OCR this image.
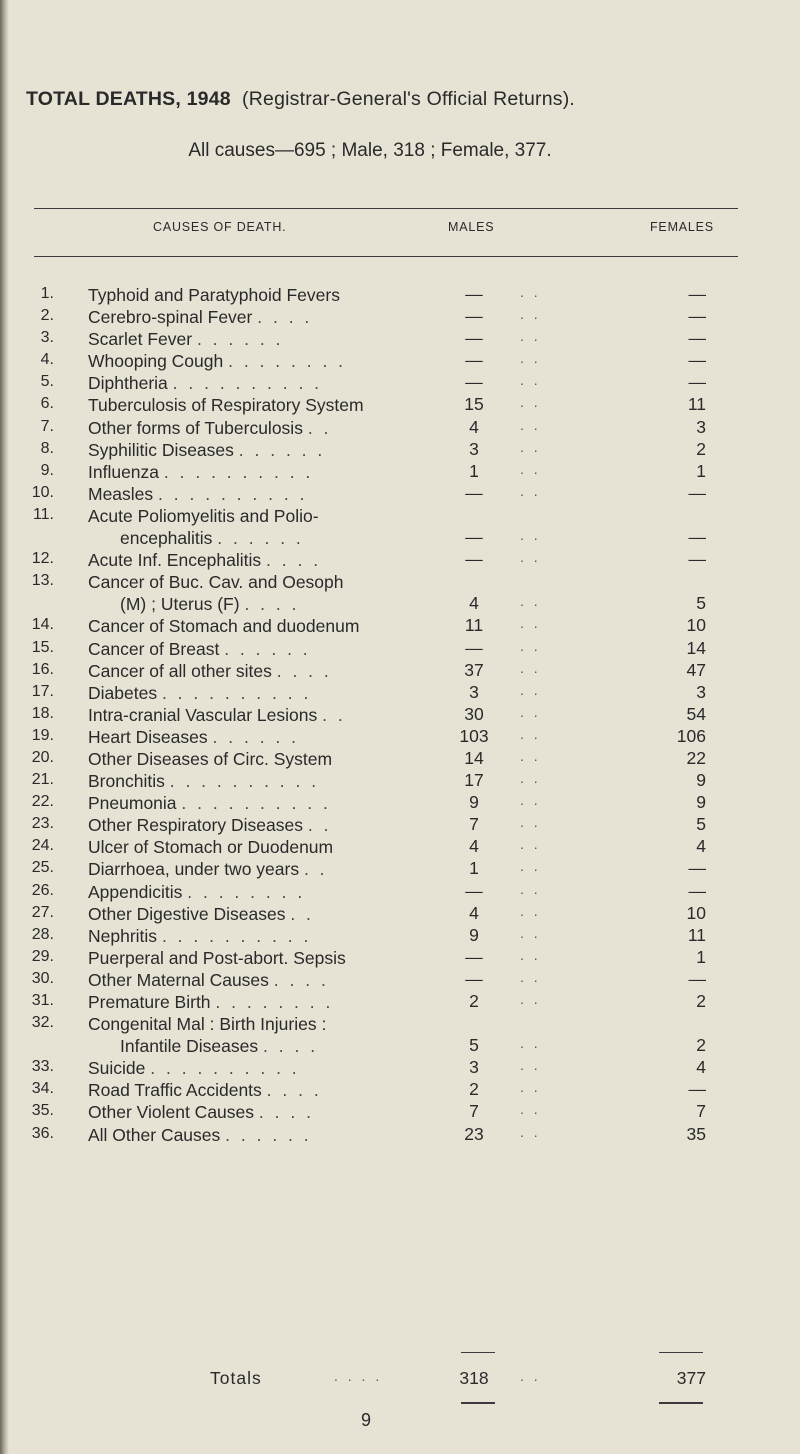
TOTAL DEATHS, 1948 (Registrar-General's Official Returns).
All causes—695 ; Male, 318 ; Female, 377.
CAUSES OF DEATH.	MALES	FEMALES
1. Typhoid and Paratyphoid Fevers	—	. .	—
2. Cerebro-spinal Fever . . . .	—	. .	—
3. Scarlet Fever . . . . . .	—	. .	—
4. Whooping Cough . . . . . . . .	—	. .	—
5. Diphtheria . . . . . . . . . .	—	. .	—
6. Tuberculosis of Respiratory System	15	. .	11
7. Other forms of Tuberculosis . .	4	. .	3
8. Syphilitic Diseases . . . . . .	3	. .	2
9. Influenza . . . . . . . . . .	1	. .	1
10. Measles . . . . . . . . . .	—	. .	—
11. Acute Poliomyelitis and Polio-
encephalitis . . . . . .	—	. .	—
12. Acute Inf. Encephalitis . . . .	—	. .	—
13. Cancer of Buc. Cav. and Oesoph
(M) ; Uterus (F) . . . .	4	. .	5
14. Cancer of Stomach and duodenum	11	. .	10
15. Cancer of Breast . . . . . .	—	. .	14
16. Cancer of all other sites . . . .	37	. .	47
17. Diabetes . . . . . . . . . .	3	. .	3
18. Intra-cranial Vascular Lesions . .	30	. .	54
19. Heart Diseases . . . . . .	103	. .	106
20. Other Diseases of Circ. System	14	. .	22
21. Bronchitis . . . . . . . . . .	17	. .	9
22. Pneumonia . . . . . . . . . .	9	. .	9
23. Other Respiratory Diseases . .	7	. .	5
24. Ulcer of Stomach or Duodenum	4	. .	4
25. Diarrhoea, under two years . .	1	. .	—
26. Appendicitis . . . . . . . .	—	. .	—
27. Other Digestive Diseases . .	4	. .	10
28. Nephritis . . . . . . . . . .	9	. .	11
29. Puerperal and Post-abort. Sepsis	—	. .	1
30. Other Maternal Causes . . . .	—	. .	—
31. Premature Birth . . . . . . . .	2	. .	2
32. Congenital Mal : Birth Injuries :
Infantile Diseases . . . .	5	. .	2
33. Suicide . . . . . . . . . .	3	. .	4
34. Road Traffic Accidents . . . .	2	. .	—
35. Other Violent Causes . . . .	7	. .	7
36. All Other Causes . . . . . .	23	. .	35
Totals	. . . .	318	. .	377
9
